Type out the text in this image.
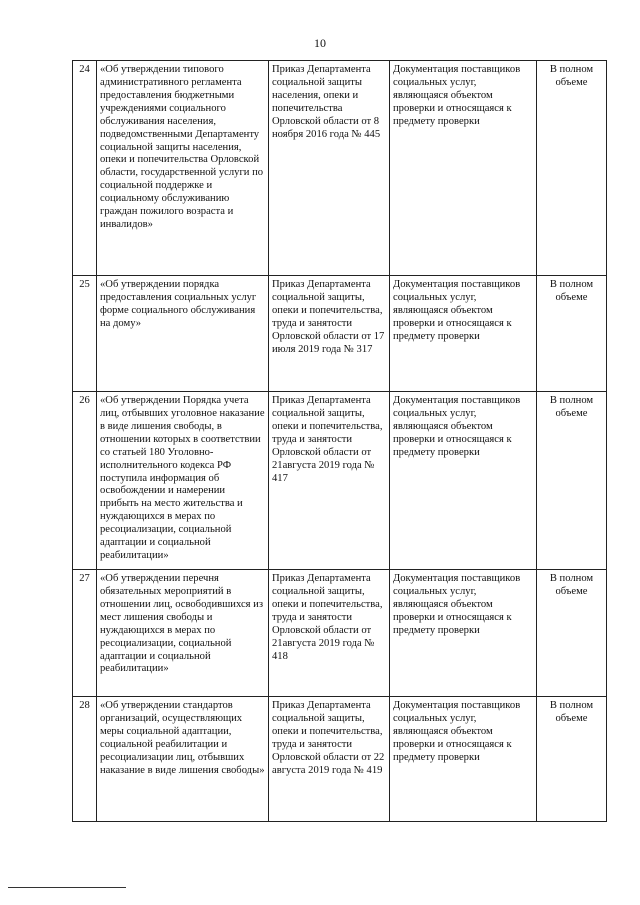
10
24	«Об утверждении типового административного регламента предоставления бюджетными учреждениями социального обслуживания населения, подведомственными Департаменту социальной защиты населения, опеки и попечительства Орловской области, государственной услуги по социальной поддержке и социальному обслуживанию граждан пожилого возраста и инвалидов»	Приказ Департамента социальной защиты населения, опеки и попечительства Орловской области от 8 ноября 2016 года № 445	Документация поставщиков социальных услуг, являющаяся объектом проверки и относящаяся к предмету проверки	В полном объеме
25	«Об утверждении порядка предоставления социальных услуг форме социального обслуживания на дому»	Приказ Департамента социальной защиты, опеки и попечительства, труда и занятости Орловской области от 17 июля 2019 года № 317	Документация поставщиков социальных услуг, являющаяся объектом проверки и относящаяся к предмету проверки	В полном объеме
26	«Об утверждении Порядка учета лиц, отбывших уголовное наказание в виде лишения свободы, в отношении которых в соответствии со статьей 180 Уголовно-исполнительного кодекса РФ поступила информация об освобождении и намерении прибыть на место жительства и нуждающихся в мерах по ресоциализации, социальной адаптации и социальной реабилитации»	Приказ Департамента социальной защиты, опеки и попечительства, труда и занятости Орловской области от 21августа 2019 года № 417	Документация поставщиков социальных услуг, являющаяся объектом проверки и относящаяся к предмету проверки	В полном объеме
27	«Об утверждении перечня обязательных мероприятий в отношении лиц, освободившихся из мест лишения свободы и нуждающихся в мерах по ресоциализации, социальной адаптации и социальной реабилитации»	Приказ Департамента социальной защиты, опеки и попечительства, труда и занятости Орловской области от 21августа 2019 года № 418	Документация поставщиков социальных услуг, являющаяся объектом проверки и относящаяся к предмету проверки	В полном объеме
28	«Об утверждении стандартов организаций, осуществляющих меры социальной адаптации, социальной реабилитации и ресоциализации лиц, отбывших наказание в виде лишения свободы»	Приказ Департамента социальной защиты, опеки и попечительства, труда и занятости Орловской области от 22 августа 2019 года № 419	Документация поставщиков социальных услуг, являющаяся объектом проверки и относящаяся к предмету проверки	В полном объеме
